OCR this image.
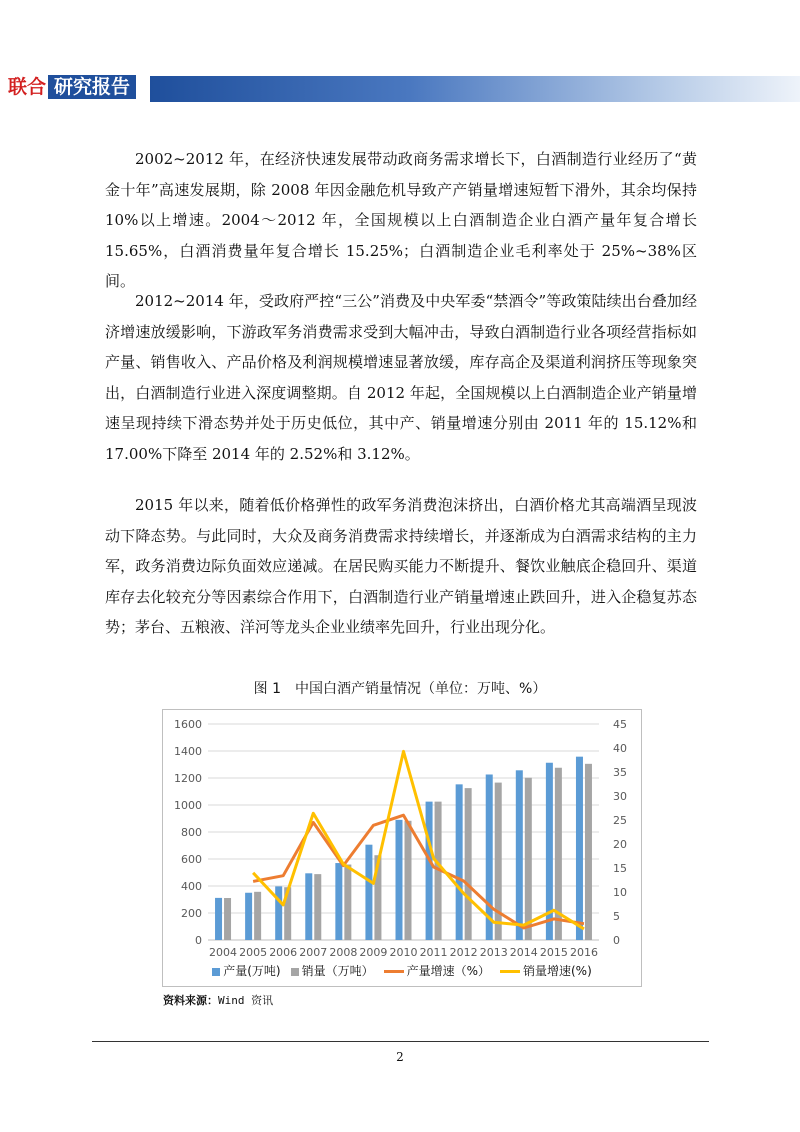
联合 研究报告

2002~2012 年，在经济快速发展带动政商务需求增长下，白酒制造行业经历了“黄金十年”高速发展期，除 2008 年因金融危机导致产产销量增速短暂下滑外，其余均保持 10%以上增速。2004～2012 年，全国规模以上白酒制造企业白酒产量年复合增长 15.65%，白酒消费量年复合增长 15.25%；白酒制造企业毛利率处于 25%~38%区间。

2012~2014 年，受政府严控“三公”消费及中央军委“禁酒令”等政策陆续出台叠加经济增速放缓影响，下游政军务消费需求受到大幅冲击，导致白酒制造行业各项经营指标如产量、销售收入、产品价格及利润规模增速显著放缓，库存高企及渠道利润挤压等现象突出，白酒制造行业进入深度调整期。自 2012 年起，全国规模以上白酒制造企业产销量增速呈现持续下滑态势并处于历史低位，其中产、销量增速分别由 2011 年的 15.12%和 17.00%下降至 2014 年的 2.52%和 3.12%。

2015 年以来，随着低价格弹性的政军务消费泡沫挤出，白酒价格尤其高端酒呈现波动下降态势。与此同时，大众及商务消费需求持续增长，并逐渐成为白酒需求结构的主力军，政务消费边际负面效应递减。在居民购买能力不断提升、餐饮业触底企稳回升、渠道库存去化较充分等因素综合作用下，白酒制造行业产销量增速止跌回升，进入企稳复苏态势；茅台、五粮液、洋河等龙头企业业绩率先回升，行业出现分化。

图 1　中国白酒产销量情况（单位：万吨、%）
0
200
400
600
800
1000
1200
1400
1600
0
5
10
15
20
25
30
35
40
45
2004 2005 2006 2007 2008 2009 2010 2011 2012 2013 2014 2015 2016
产量(万吨) 销量（万吨）	产量增速（%）	销量增速(%)
资料来源：Wind 资讯
2
